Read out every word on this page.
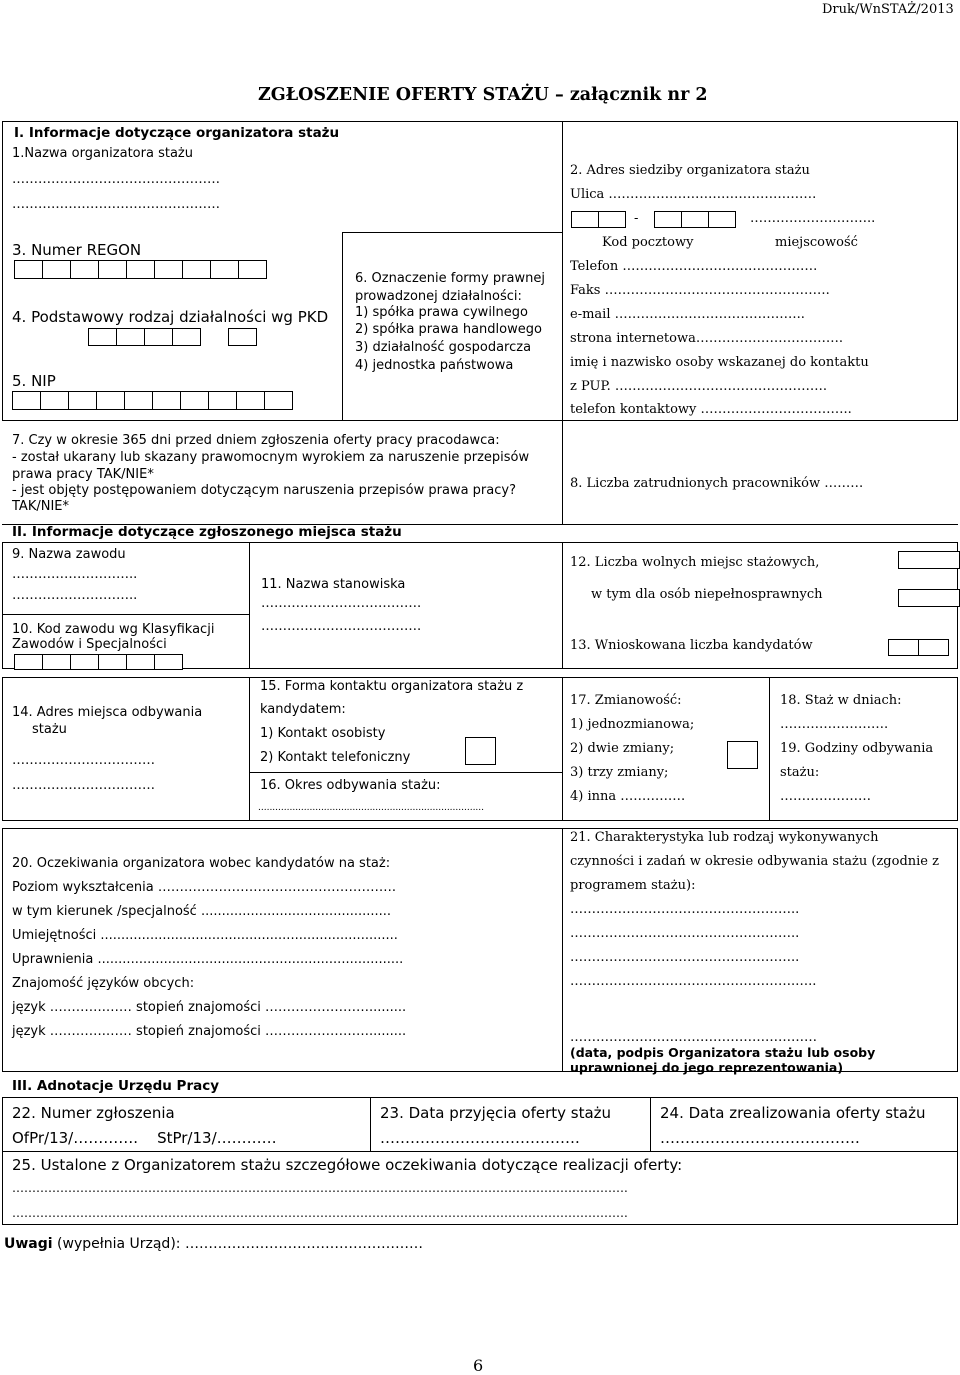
Druk/WnSTAŻ/2013
ZGŁOSZENIE OFERTY STAŻU – załącznik nr 2
I. Informacje dotyczące organizatora stażu
1.Nazwa organizatora stażu
…………………………………………
…………………………………………
3. Numer REGON
4. Podstawowy rodzaj działalności wg PKD
5. NIP
6. Oznaczenie formy prawnej
prowadzonej działalności:
1) spółka prawa cywilnego
2) spółka prawa handlowego
3) działalność gospodarcza
4) jednostka państwowa
2. Adres siedziby organizatora stażu
Ulica …………………………………………
-	………………………..
Kod pocztowy	miejscowość
Telefon ………………………………………
Faks …………………………………………….
e-mail ……………………………………..
strona internetowa…………………………….
imię i nazwisko osoby wskazanej do kontaktu
z PUP. ………………………………………….
telefon kontaktowy ……………………………..
7. Czy w okresie 365 dni przed dniem zgłoszenia oferty pracy pracodawca:
- został ukarany lub skazany prawomocnym wyrokiem za naruszenie przepisów
prawa pracy TAK/NIE*
- jest objęty postępowaniem dotyczącym naruszenia przepisów prawa pracy?
TAK/NIE*
8. Liczba zatrudnionych pracowników ………
II. Informacje dotyczące zgłoszonego miejsca stażu
9. Nazwa zawodu
………………………..
………………………..
10. Kod zawodu wg Klasyfikacji
Zawodów i Specjalności
11. Nazwa stanowiska
……………………………….
……………………………….
12. Liczba wolnych miejsc stażowych,
w tym dla osób niepełnosprawnych
13. Wnioskowana liczba kandydatów
14. Adres miejsca odbywania
stażu
……………………………
……………………………
15. Forma kontaktu organizatora stażu z
kandydatem:
1) Kontakt osobisty
2) Kontakt telefoniczny
16. Okres odbywania stażu:
...............................................................................
17. Zmianowość:
1) jednozmianowa;
2) dwie zmiany;
3) trzy zmiany;
4) inna ……………
18. Staż w dniach:
…………………….
19. Godziny odbywania
stażu:
…………………
20. Oczekiwania organizatora wobec kandydatów na staż:
Poziom wykształcenia ……………………………………………….
w tym kierunek /specjalność ..............................................
Umiejętności ........................................................................
Uprawnienia ..........................................................................
Znajomość języków obcych:
język ………….…… stopień znajomości …………………….........
język ………….…… stopień znajomości …………………….........
21. Charakterystyka lub rodzaj wykonywanych
czynności i zadań w okresie odbywania stażu (zgodnie z
programem stażu):
……………………………………………..
……………………………………………..
……………………………………………..
…………………………………………….…..
…………………………………………………
(data, podpis Organizatora stażu lub osoby
uprawnionej do jego reprezentowania)
III. Adnotacje Urzędu Pracy
22. Numer zgłoszenia
OfPr/13/………….    StPr/13/…………
23. Data przyjęcia oferty stażu
………………………………….
24. Data zrealizowania oferty stażu
………………………………….
25. Ustalone z Organizatorem stażu szczegółowe oczekiwania dotyczące realizacji oferty:
……………………………………………………………………………………………………………………………………….
……………………………………………………………………………………………………………………………………….
Uwagi (wypełnia Urząd): ……………………………………………
6
